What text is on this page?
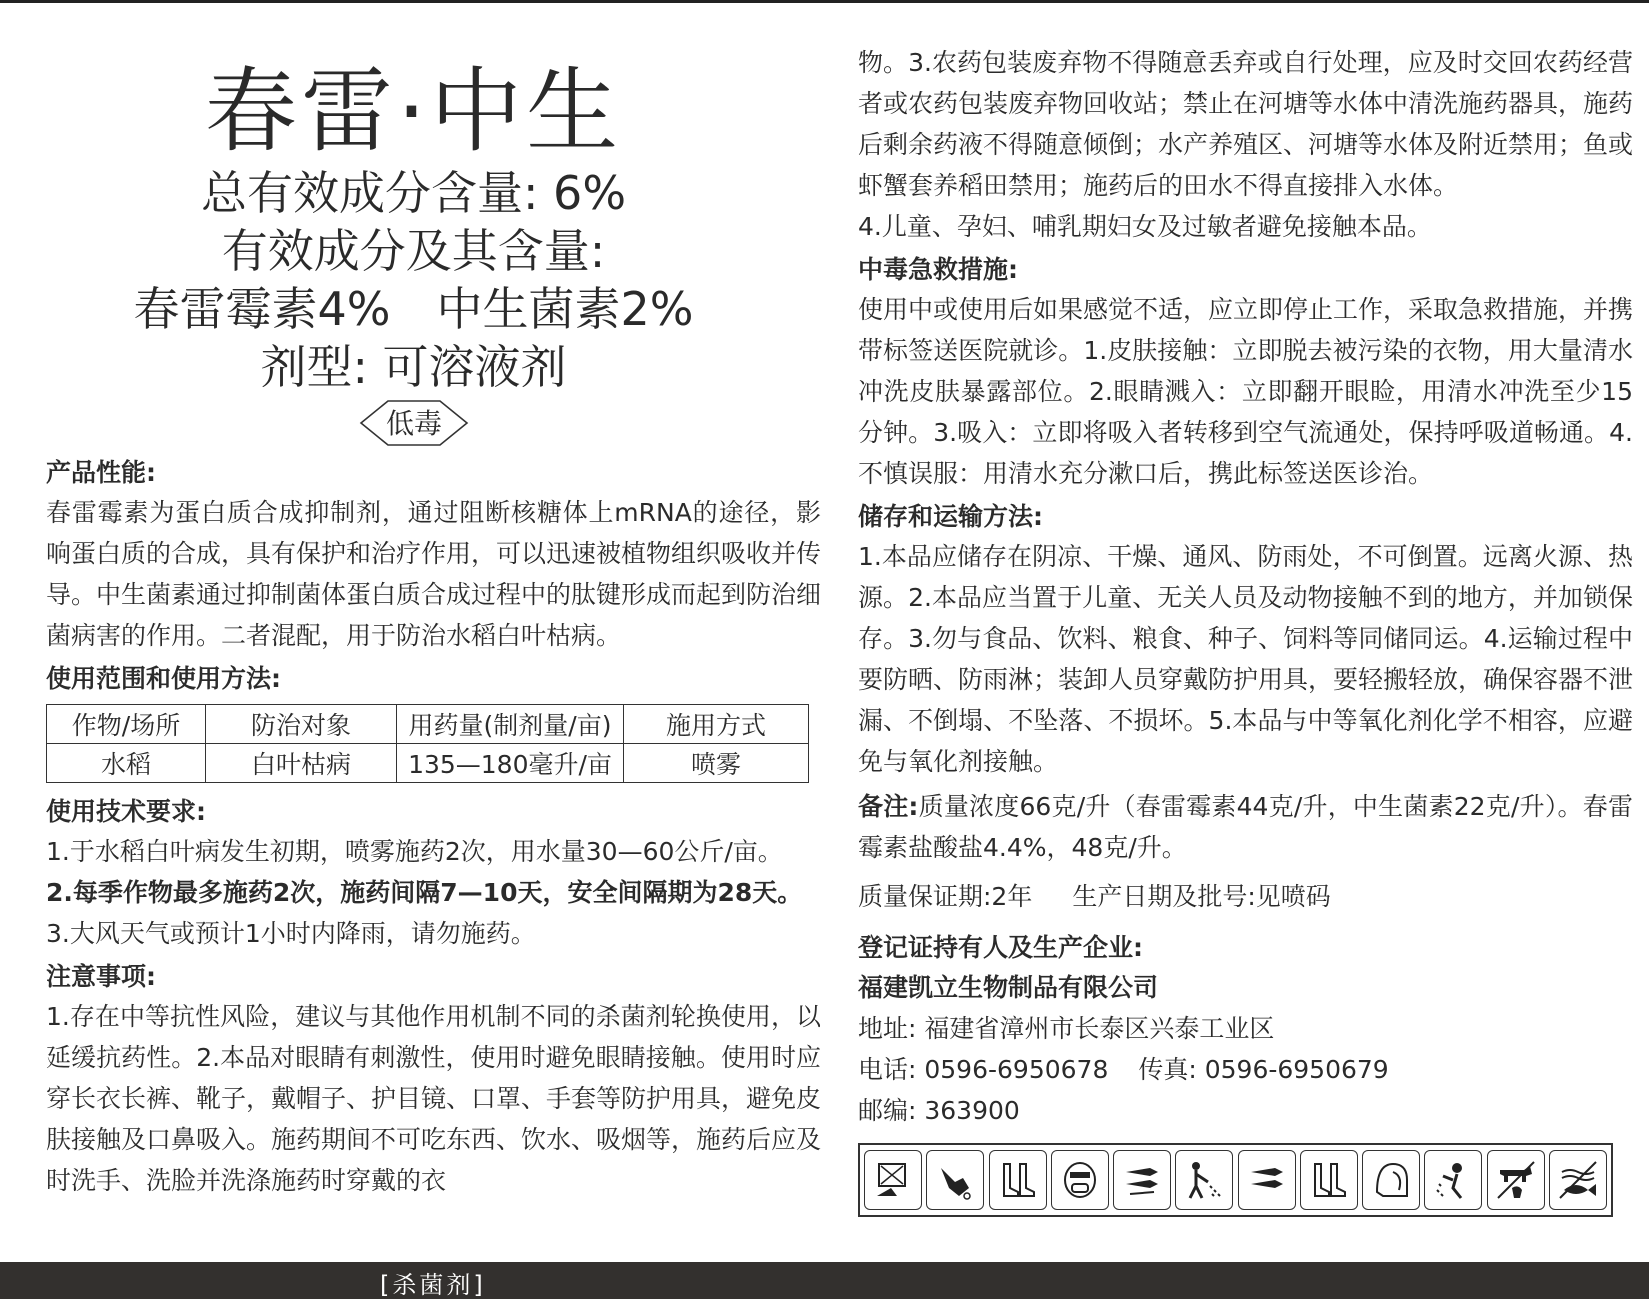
春雷·中生
总有效成分含量: 6%
有效成分及其含量:
春雷霉素4%　中生菌素2%
剂型: 可溶液剂
低毒
产品性能:
春雷霉素为蛋白质合成抑制剂，通过阻断核糖体上mRNA的途径，影响蛋白质的合成，具有保护和治疗作用，可以迅速被植物组织吸收并传导。中生菌素通过抑制菌体蛋白质合成过程中的肽键形成而起到防治细菌病害的作用。二者混配，用于防治水稻白叶枯病。
使用范围和使用方法:
作物/场所	防治对象	用药量(制剂量/亩)	施用方式
水稻	白叶枯病	135—180毫升/亩	喷雾
使用技术要求:
1.于水稻白叶病发生初期，喷雾施药2次，用水量30—60公斤/亩。
2.每季作物最多施药2次，施药间隔7—10天，安全间隔期为28天。
3.大风天气或预计1小时内降雨，请勿施药。
注意事项:
1.存在中等抗性风险，建议与其他作用机制不同的杀菌剂轮换使用，以延缓抗药性。2.本品对眼睛有刺激性，使用时避免眼睛接触。使用时应穿长衣长裤、靴子，戴帽子、护目镜、口罩、手套等防护用具，避免皮肤接触及口鼻吸入。施药期间不可吃东西、饮水、吸烟等，施药后应及时洗手、洗脸并洗涤施药时穿戴的衣
物。3.农药包装废弃物不得随意丢弃或自行处理，应及时交回农药经营者或农药包装废弃物回收站；禁止在河塘等水体中清洗施药器具，施药后剩余药液不得随意倾倒；水产养殖区、河塘等水体及附近禁用；鱼或虾蟹套养稻田禁用；施药后的田水不得直接排入水体。
4.儿童、孕妇、哺乳期妇女及过敏者避免接触本品。
中毒急救措施:
使用中或使用后如果感觉不适，应立即停止工作，采取急救措施，并携带标签送医院就诊。1.皮肤接触：立即脱去被污染的衣物，用大量清水冲洗皮肤暴露部位。2.眼睛溅入：立即翻开眼睑，用清水冲洗至少15分钟。3.吸入：立即将吸入者转移到空气流通处，保持呼吸道畅通。4.不慎误服：用清水充分漱口后，携此标签送医诊治。
储存和运输方法:
1.本品应储存在阴凉、干燥、通风、防雨处，不可倒置。远离火源、热源。2.本品应当置于儿童、无关人员及动物接触不到的地方，并加锁保存。3.勿与食品、饮料、粮食、种子、饲料等同储同运。4.运输过程中要防晒、防雨淋；装卸人员穿戴防护用具，要轻搬轻放，确保容器不泄漏、不倒塌、不坠落、不损坏。5.本品与中等氧化剂化学不相容，应避免与氧化剂接触。
备注:质量浓度66克/升（春雷霉素44克/升，中生菌素22克/升）。春雷霉素盐酸盐4.4%，48克/升。
质量保证期:2年 生产日期及批号:见喷码
登记证持有人及生产企业:
福建凯立生物制品有限公司
地址: 福建省漳州市长泰区兴泰工业区
电话: 0596-6950678 传真: 0596-6950679
邮编: 363900
[杀菌剂]
